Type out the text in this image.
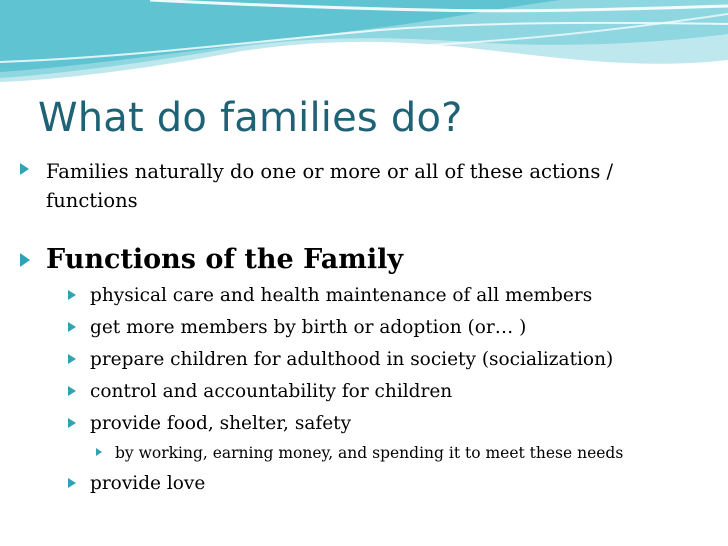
What do families do?
Families naturally do one or more or all of these actions / functions
Functions of the Family
physical care and health maintenance of all members
get more members by birth or adoption (or… )
prepare children for adulthood in society (socialization)
control and accountability for children
provide food, shelter, safety
by working, earning money, and spending it to meet these needs
provide love
